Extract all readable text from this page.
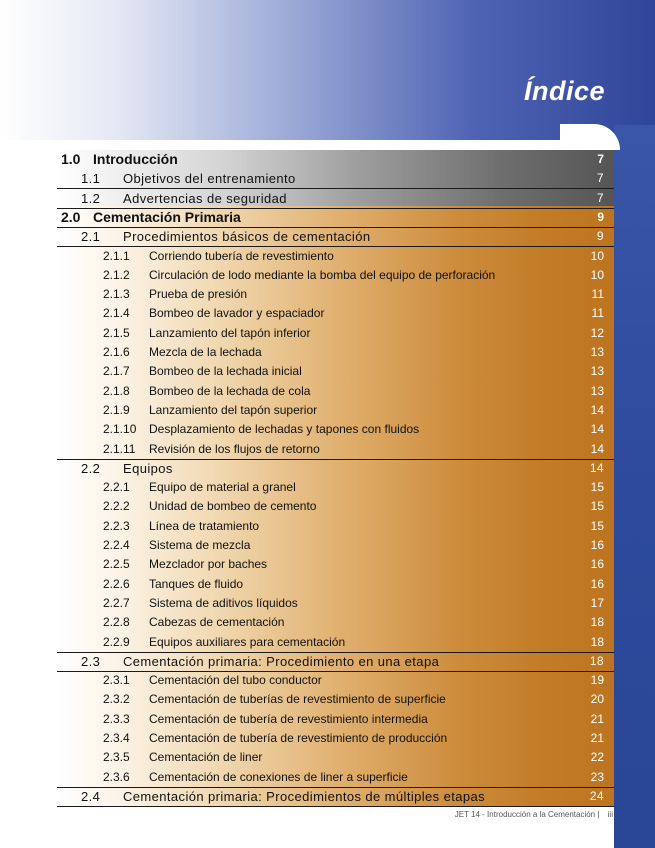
Índice
1.0 Introducción	7
1.1 Objetivos del entrenamiento	7
1.2 Advertencias de seguridad	7
2.0 Cementación Primaria	9
2.1 Procedimientos básicos de cementación	9
2.1.1 Corriendo tubería de revestimiento	10
2.1.2 Circulación de lodo mediante la bomba del equipo de perforación	10
2.1.3 Prueba de presión	11
2.1.4 Bombeo de lavador y espaciador	11
2.1.5 Lanzamiento del tapón inferior	12
2.1.6 Mezcla de la lechada	13
2.1.7 Bombeo de la lechada inicial	13
2.1.8 Bombeo de la lechada de cola	13
2.1.9 Lanzamiento del tapón superior	14
2.1.10 Desplazamiento de lechadas y tapones con fluidos	14
2.1.11 Revisión de los flujos de retorno	14
2.2 Equipos	14
2.2.1 Equipo de material a granel	15
2.2.2 Unidad de bombeo de cemento	15
2.2.3 Línea de tratamiento	15
2.2.4 Sistema de mezcla	16
2.2.5 Mezclador por baches	16
2.2.6 Tanques de fluido	16
2.2.7 Sistema de aditivos líquidos	17
2.2.8 Cabezas de cementación	18
2.2.9 Equipos auxiliares para cementación	18
2.3 Cementación primaria: Procedimiento en una etapa	18
2.3.1 Cementación del tubo conductor	19
2.3.2 Cementación de tuberías de revestimiento de superficie	20
2.3.3 Cementación de tubería de revestimiento intermedia	21
2.3.4 Cementación de tubería de revestimiento de producción	21
2.3.5 Cementación de liner	22
2.3.6 Cementación de conexiones de liner a superficie	23
2.4 Cementación primaria: Procedimientos de múltiples etapas	24
JET 14 - Introducción a la Cementación | iii
